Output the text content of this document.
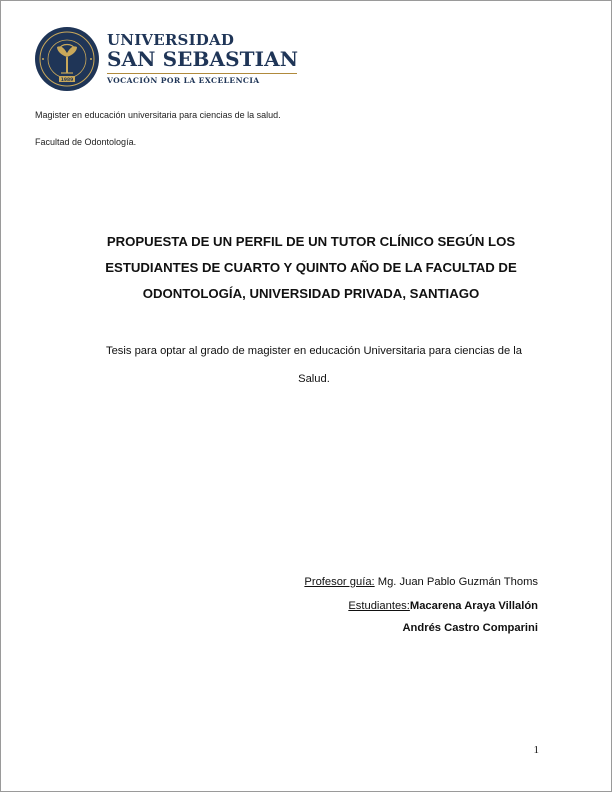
1989
UNIVERSIDAD
SAN SEBASTIAN
VOCACIÓN POR LA EXCELENCIA
Magister en educación universitaria para ciencias de la salud.
Facultad de Odontología.
PROPUESTA DE UN PERFIL DE UN TUTOR CLÍNICO SEGÚN LOS
ESTUDIANTES DE CUARTO Y QUINTO AÑO DE LA FACULTAD DE
ODONTOLOGÍA, UNIVERSIDAD PRIVADA, SANTIAGO
Tesis para optar al grado de magister en educación Universitaria para ciencias de la
Salud.
Profesor guía: Mg. Juan Pablo Guzmán Thoms
Estudiantes:Macarena Araya Villalón
Andrés Castro Comparini
1
